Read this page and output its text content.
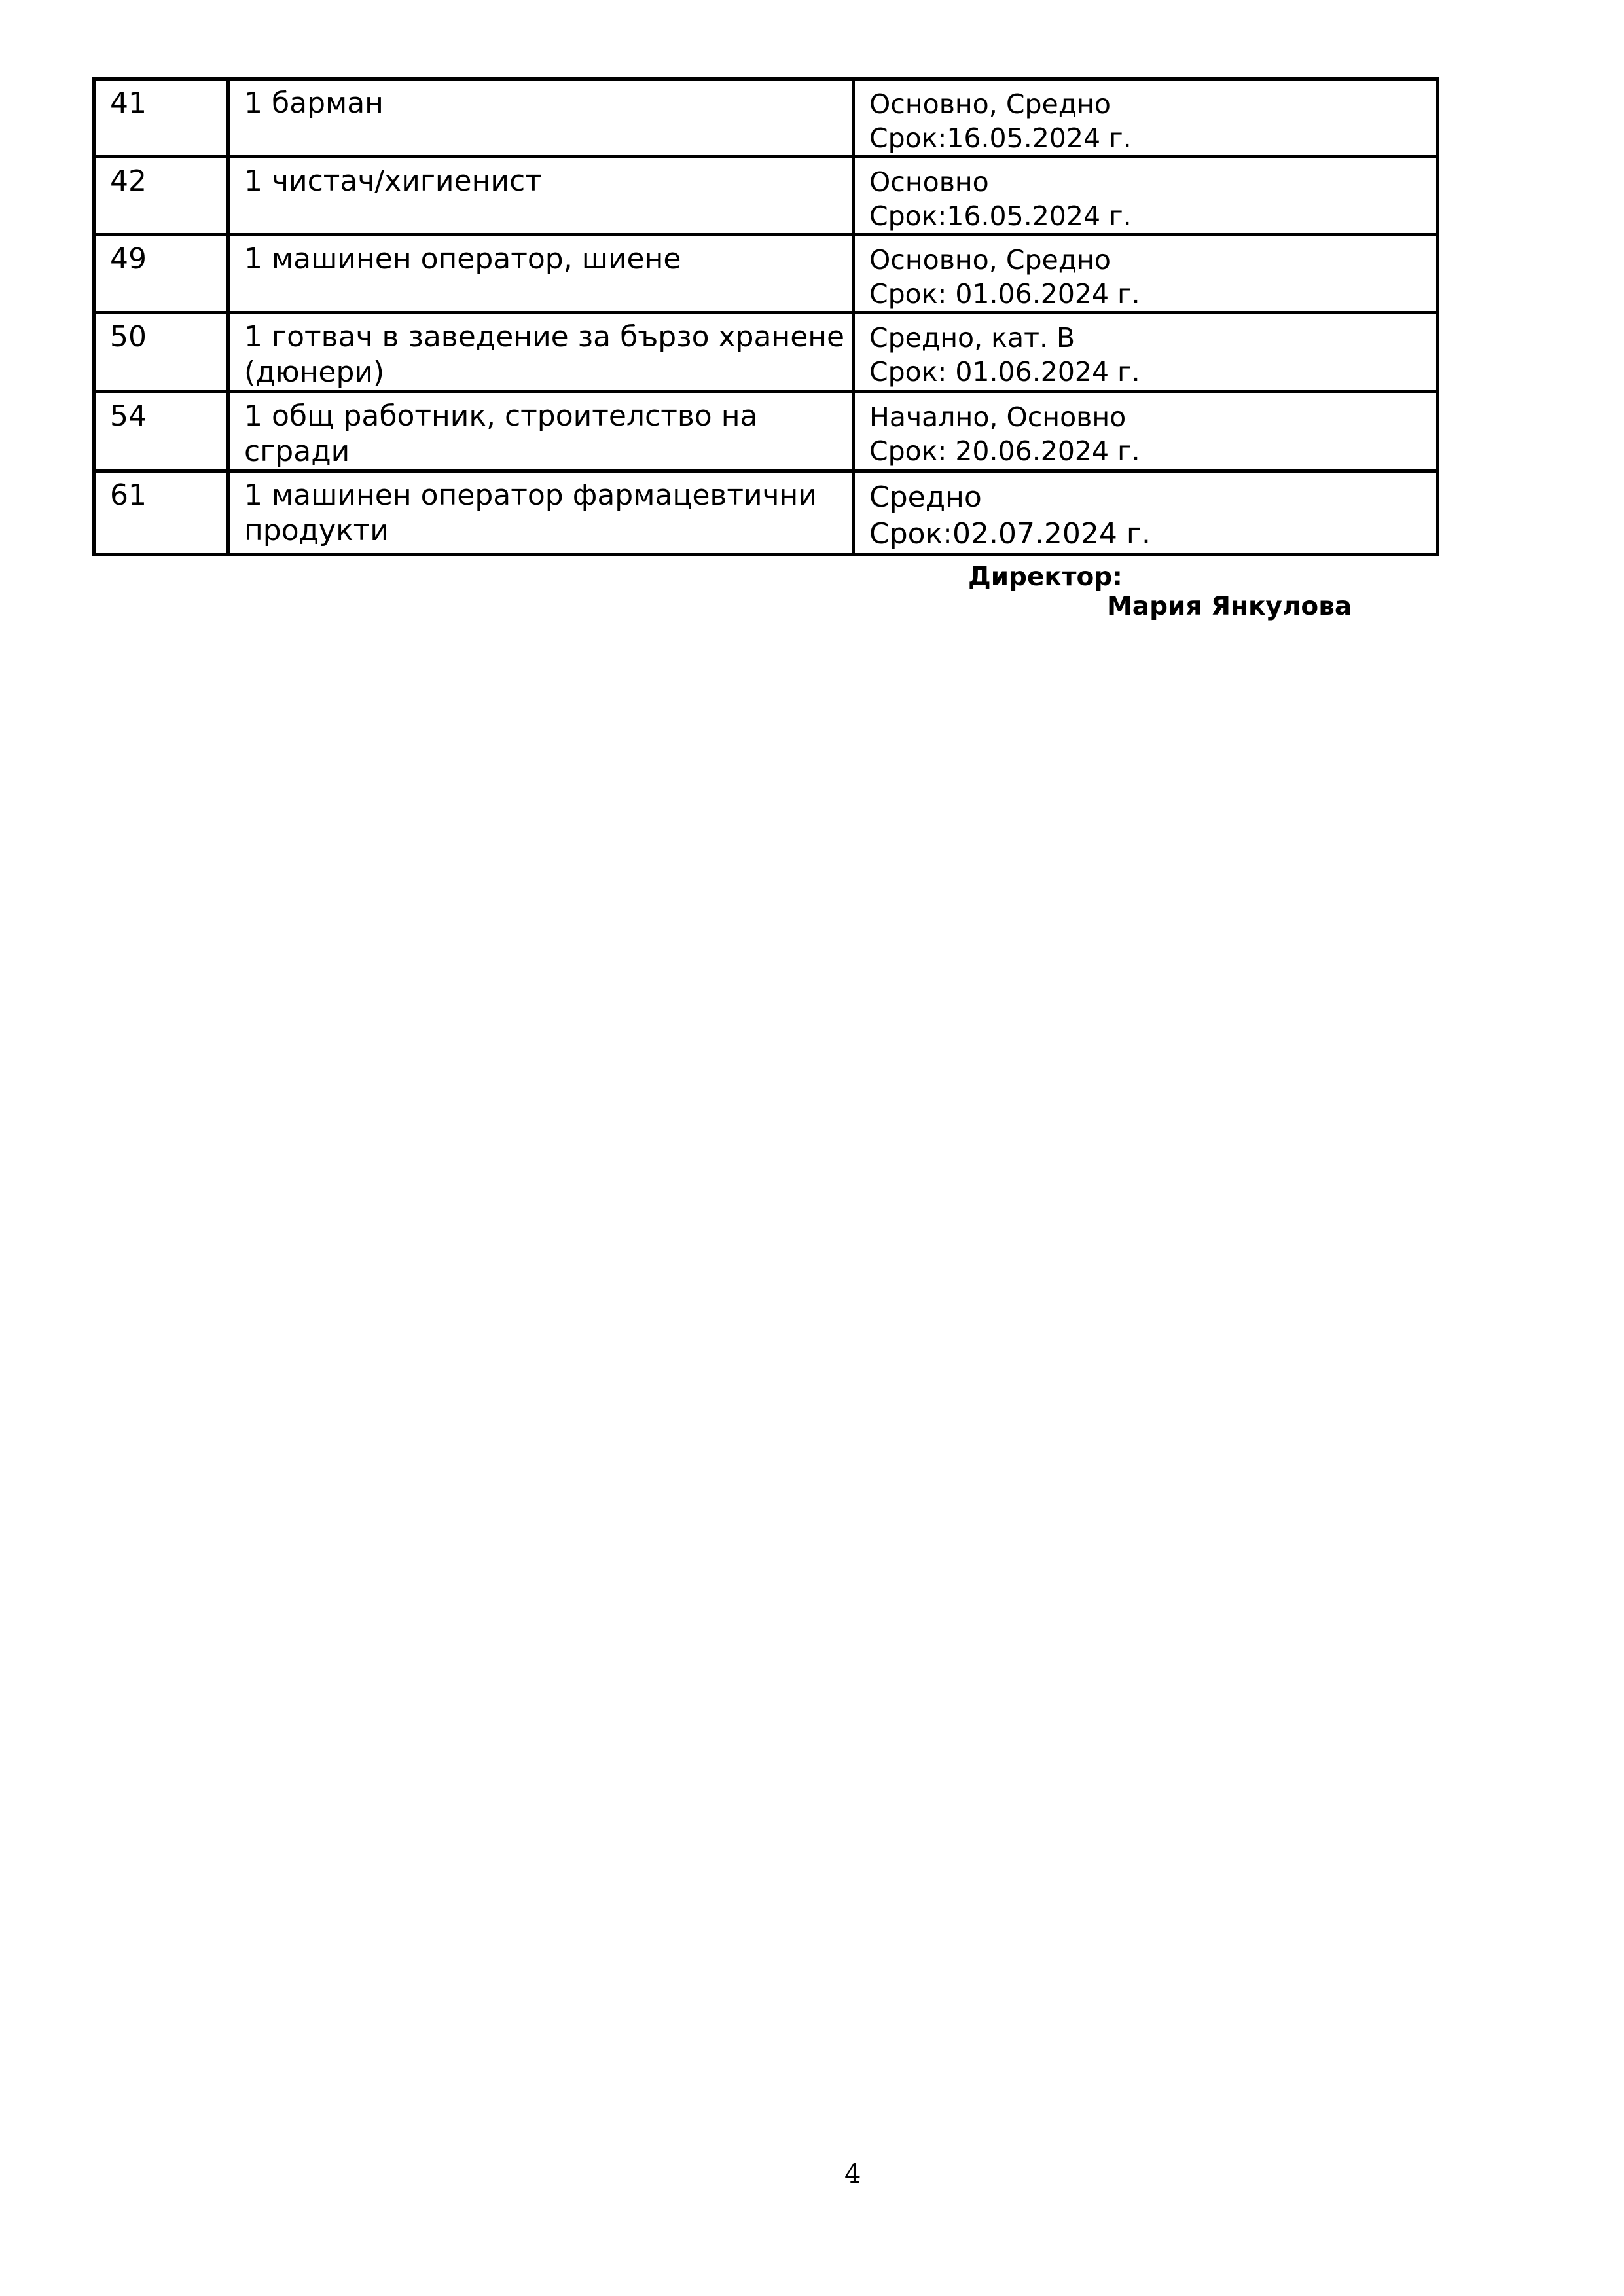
41	1 барман	Основно, Средно
Срок:16.05.2024 г.

42	1 чистач/хигиенист	Основно
Срок:16.05.2024 г.

49	1 машинен оператор, шиене	Основно, Средно
Срок: 01.06.2024 г.

50	1 готвач в заведение за бързо хранене (дюнери)	Средно, кат. В
Срок: 01.06.2024 г.

54	1 общ работник, строителство на сгради	Начално, Основно
Срок: 20.06.2024 г.

61	1 машинен оператор фармацевтични продукти	Средно
Срок:02.07.2024 г.
Директор:
Мария Янкулова
4
